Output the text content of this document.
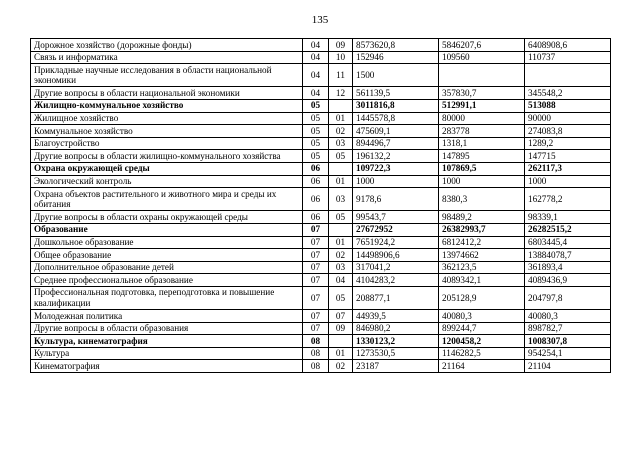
135
Дорожное хозяйство (дорожные фонды)	04	09	8573620,8	5846207,6	6408908,6
Связь и информатика	04	10	152946	109560	110737
Прикладные научные исследования в области национальной экономики	04	11	1500		
Другие вопросы в области национальной экономики	04	12	561139,5	357830,7	345548,2
Жилищно-коммунальное хозяйство	05		3011816,8	512991,1	513088
Жилищное хозяйство	05	01	1445578,8	80000	90000
Коммунальное хозяйство	05	02	475609,1	283778	274083,8
Благоустройство	05	03	894496,7	1318,1	1289,2
Другие вопросы в области жилищно-коммунального хозяйства	05	05	196132,2	147895	147715
Охрана окружающей среды	06		109722,3	107869,5	262117,3
Экологический контроль	06	01	1000	1000	1000
Охрана объектов растительного и животного мира и среды их обитания	06	03	9178,6	8380,3	162778,2
Другие вопросы в области охраны окружающей среды	06	05	99543,7	98489,2	98339,1
Образование	07		27672952	26382993,7	26282515,2
Дошкольное образование	07	01	7651924,2	6812412,2	6803445,4
Общее образование	07	02	14498906,6	13974662	13884078,7
Дополнительное образование детей	07	03	317041,2	362123,5	361893,4
Среднее профессиональное образование	07	04	4104283,2	4089342,1	4089436,9
Профессиональная подготовка, переподготовка и повышение квалификации	07	05	208877,1	205128,9	204797,8
Молодежная политика	07	07	44939,5	40080,3	40080,3
Другие вопросы в области образования	07	09	846980,2	899244,7	898782,7
Культура, кинематография	08		1330123,2	1200458,2	1008307,8
Культура	08	01	1273530,5	1146282,5	954254,1
Кинематография	08	02	23187	21164	21104
